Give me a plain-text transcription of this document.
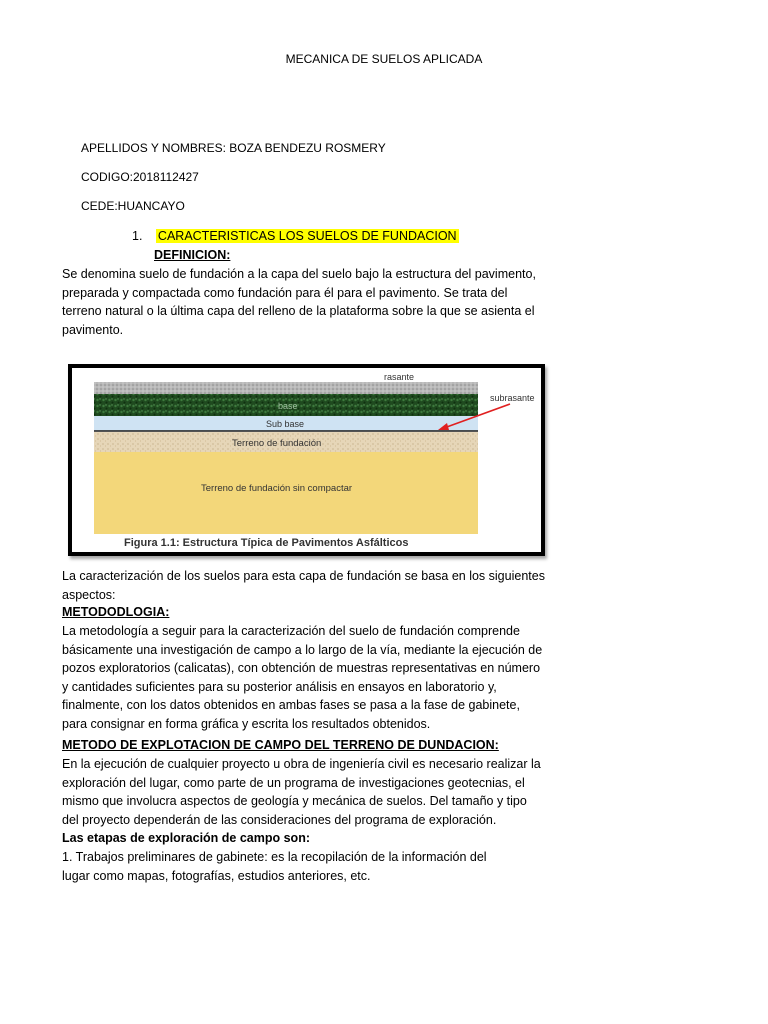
MECANICA DE SUELOS APLICADA
APELLIDOS Y NOMBRES: BOZA BENDEZU ROSMERY
CODIGO:2018112427
CEDE:HUANCAYO
1. CARACTERISTICAS LOS SUELOS DE FUNDACION
DEFINICION:
Se denomina suelo de fundación a la capa del suelo bajo la estructura del pavimento,
preparada y compactada como fundación para él para el pavimento. Se trata del
terreno natural o la última capa del relleno de la plataforma sobre la que se asienta el
pavimento.
rasante
base
Sub base
Terreno de fundación
Terreno de fundación sin compactar
subrasante
Figura 1.1: Estructura Típica de Pavimentos Asfálticos
La caracterización de los suelos para esta capa de fundación se basa en los siguientes
aspectos:
METODODLOGIA:
La metodología a seguir para la caracterización del suelo de fundación comprende
básicamente una investigación de campo a lo largo de la vía, mediante la ejecución de
pozos exploratorios (calicatas), con obtención de muestras representativas en número
y cantidades suficientes para su posterior análisis en ensayos en laboratorio y,
finalmente, con los datos obtenidos en ambas fases se pasa a la fase de gabinete,
para consignar en forma gráfica y escrita los resultados obtenidos.
METODO DE EXPLOTACION DE CAMPO DEL TERRENO DE DUNDACION:
En la ejecución de cualquier proyecto u obra de ingeniería civil es necesario realizar la
exploración del lugar, como parte de un programa de investigaciones geotecnias, el
mismo que involucra aspectos de geología y mecánica de suelos. Del tamaño y tipo
del proyecto dependerán de las consideraciones del programa de exploración.
Las etapas de exploración de campo son:
1. Trabajos preliminares de gabinete: es la recopilación de la información del
lugar como mapas, fotografías, estudios anteriores, etc.
